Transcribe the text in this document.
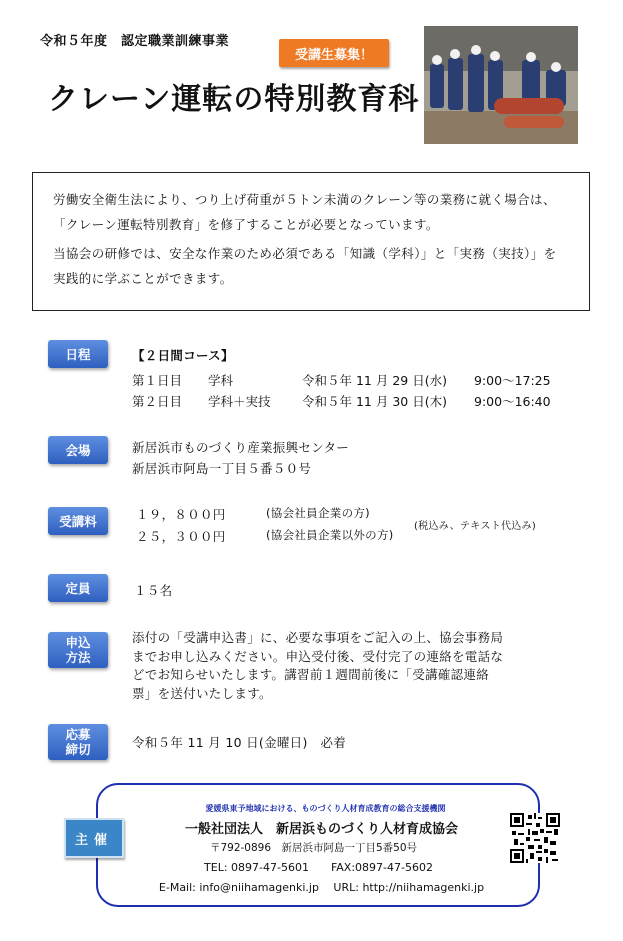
令和５年度　認定職業訓練事業
受講生募集！
クレーン運転の特別教育科

労働安全衛生法により、つり上げ荷重が５トン未満のクレーン等の業務に就く場合は、「クレーン運転特別教育」を修了することが必要となっています。

当協会の研修では、安全な作業のため必須である「知識（学科）」と「実務（実技）」を実践的に学ぶことができます。

日程	【２日間コース】
第１日目 学科	令和５年 11 月 29 日(水) 9:00～17:25
第２日目 学科＋実技	令和５年 11 月 30 日(木) 9:00～16:40
会場	新居浜市ものづくり産業振興センター
新居浜市阿島一丁目５番５０号
受講料	１９，８００円	(協会社員企業の方)
２５，３００円	(協会社員企業以外の方)
(税込み、テキスト代込み)
定員	１５名
申込
方法
添付の「受講申込書」に、必要な事項をご記入の上、協会事務局
までお申し込みください。申込受付後、受付完了の連絡を電話な
どでお知らせいたします。講習前１週間前後に「受講確認連絡
票」を送付いたします。
応募
締切	令和５年 11 月 10 日(金曜日)　必着
主催
愛媛県東予地域における、ものづくり人材育成教育の総合支援機関
一般社団法人　新居浜ものづくり人材育成協会
〒792-0896　新居浜市阿島一丁目5番50号
TEL: 0897-47-5601　　FAX:0897-47-5602
E-Mail: info@niihamagenki.jp　 URL: http://niihamagenki.jp
